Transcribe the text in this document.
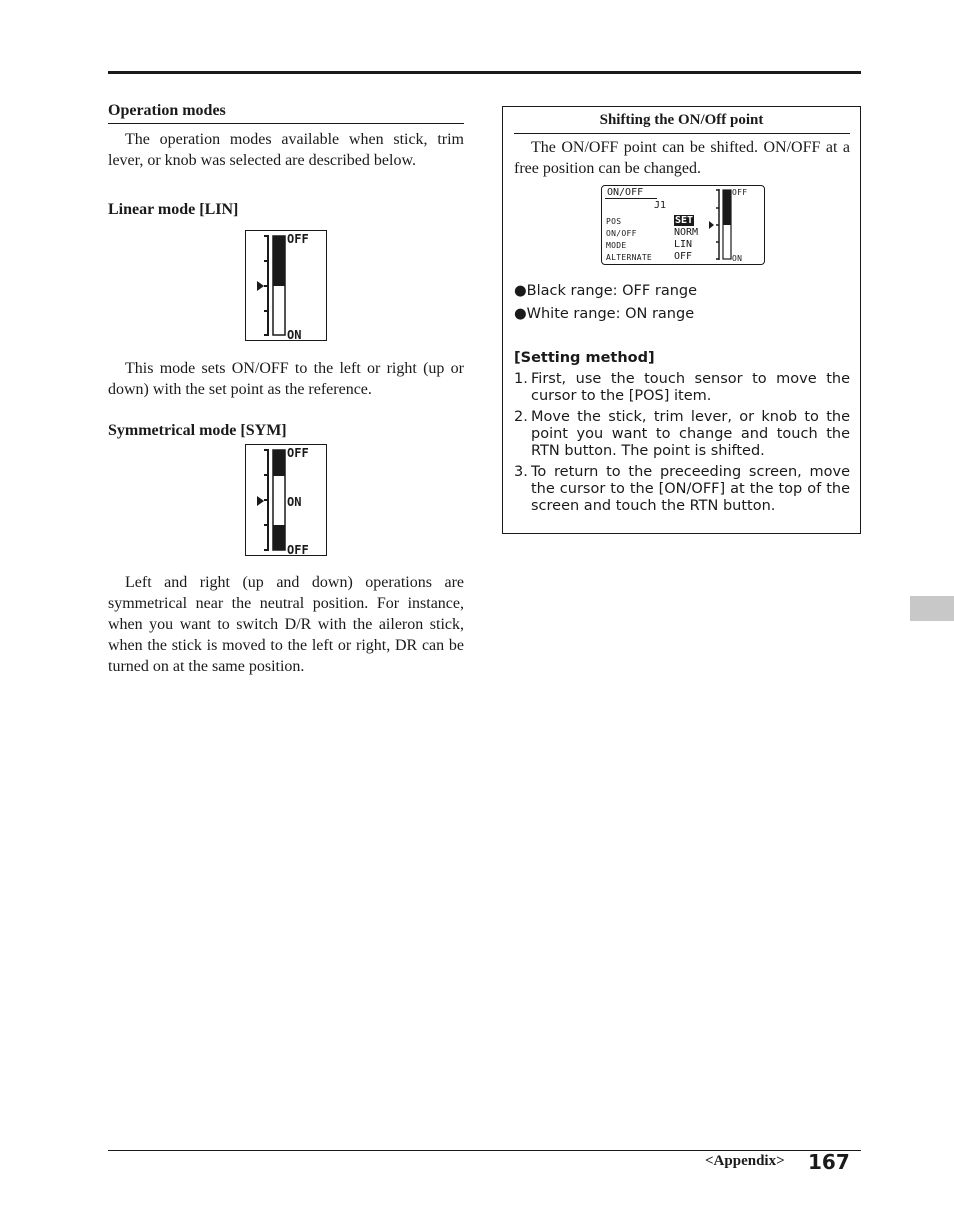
Operation modes

The operation modes available when stick, trim lever, or knob was selected are described below.

Linear mode [LIN]
OFF
ON

This mode sets ON/OFF to the left or right (up or down) with the set point as the reference.

Symmetrical mode [SYM]
OFF
ON
OFF

Left and right (up and down) operations are symmetrical near the neutral position. For instance, when you want to switch D/R with the aileron stick, when the stick is moved to the left or right, DR can be turned on at the same position.

Shifting the ON/Off point

The ON/OFF point can be shifted. ON/OFF at a free position can be changed.

ON/OFF
J1
POS
ON/OFF
MODE
ALTERNATE
SET
NORM
LIN
OFF
OFF
ON
●Black range: OFF range
●White range: ON range
[Setting method]
1. First, use the touch sensor to move the cursor to the [POS] item.
2. Move the stick, trim lever, or knob to the point you want to change and touch the RTN button. The point is shifted.
3. To return to the preceeding screen, move the cursor to the [ON/OFF] at the top of the screen and touch the RTN button.
<Appendix> 167
